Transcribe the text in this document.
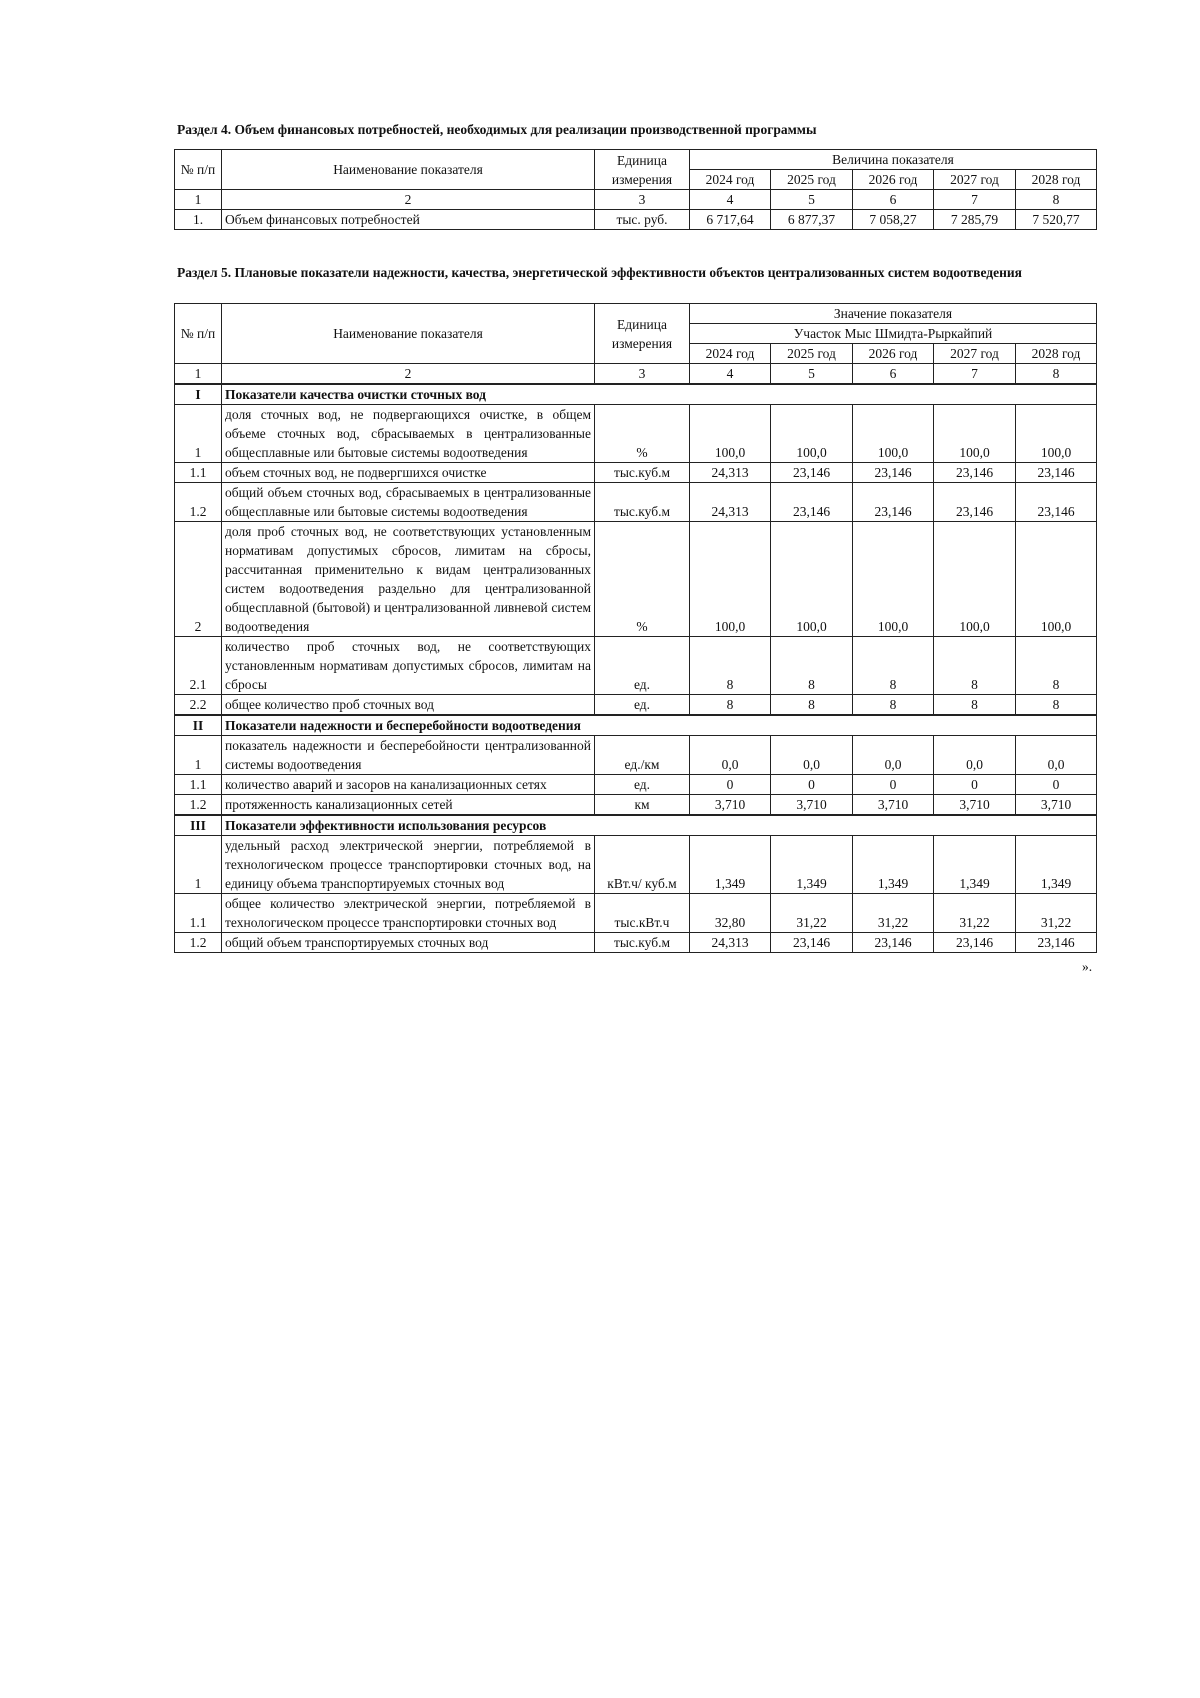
Раздел 4. Объем финансовых потребностей, необходимых для реализации производственной программы
№ п/п	Наименование показателя	Единица измерения	Величина показателя				
			2024 год	2025 год	2026 год	2027 год	2028 год
1	2	3	4	5	6	7	8
1.	Объем финансовых потребностей	тыс. руб.	6 717,64	6 877,37	7 058,27	7 285,79	7 520,77
Раздел 5. Плановые показатели надежности, качества, энергетической эффективности объектов централизованных систем водоотведения
№ п/п	Наименование показателя	Единица измерения	Значение показателя				
			Участок Мыс Шмидта-Рыркайпий				
			2024 год	2025 год	2026 год	2027 год	2028 год
1	2	3	4	5	6	7	8
I	Показатели качества очистки сточных вод						
1	доля сточных вод, не подвергающихся очистке, в общем объеме сточных вод, сбрасываемых в централизованные общесплавные или бытовые системы водоотведения	%	100,0	100,0	100,0	100,0	100,0
1.1	объем сточных вод, не подвергшихся очистке	тыс.куб.м	24,313	23,146	23,146	23,146	23,146
1.2	общий объем сточных вод, сбрасываемых в централизованные общесплавные или бытовые системы водоотведения	тыс.куб.м	24,313	23,146	23,146	23,146	23,146
2	доля проб сточных вод, не соответствующих установленным нормативам допустимых сбросов, лимитам на сбросы, рассчитанная применительно к видам централизованных систем водоотведения раздельно для централизованной общесплавной (бытовой) и централизованной ливневой систем водоотведения	%	100,0	100,0	100,0	100,0	100,0
2.1	количество проб сточных вод, не соответствующих установленным нормативам допустимых сбросов, лимитам на сбросы	ед.	8	8	8	8	8
2.2	общее количество проб сточных вод	ед.	8	8	8	8	8
II	Показатели надежности и бесперебойности водоотведения						
1	показатель надежности и бесперебойности централизованной системы водоотведения	ед./км	0,0	0,0	0,0	0,0	0,0
1.1	количество аварий и засоров на канализационных сетях	ед.	0	0	0	0	0
1.2	протяженность канализационных сетей	км	3,710	3,710	3,710	3,710	3,710
III	Показатели эффективности использования ресурсов						
1	удельный расход электрической энергии, потребляемой в технологическом процессе транспортировки сточных вод, на единицу объема транспортируемых сточных вод	кВт.ч/ куб.м	1,349	1,349	1,349	1,349	1,349
1.1	общее количество электрической энергии, потребляемой в технологическом процессе транспортировки сточных вод	тыс.кВт.ч	32,80	31,22	31,22	31,22	31,22
1.2	общий объем транспортируемых сточных вод	тыс.куб.м	24,313	23,146	23,146	23,146	23,146
».
